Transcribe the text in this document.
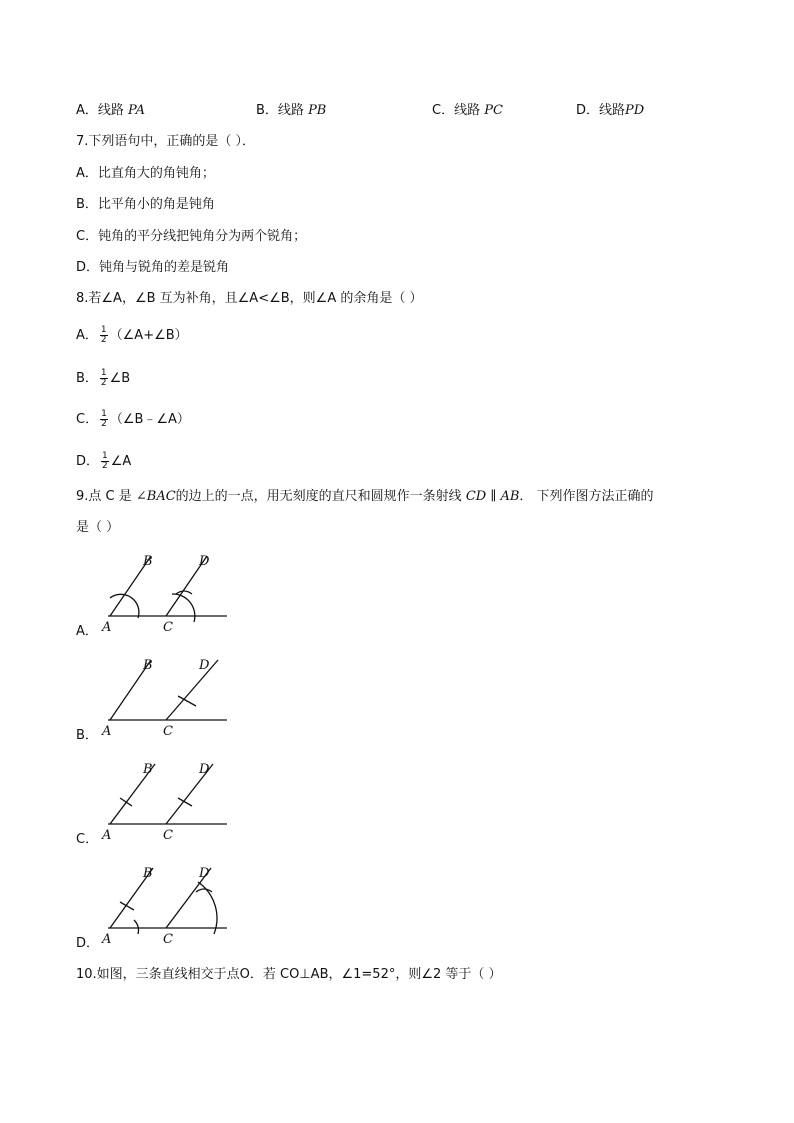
A．线路 PA	B．线路 PB	C．线路 PC	D．线路PD
7.下列语句中，正确的是（ ）．
A．比直角大的角钝角；
B．比平角小的角是钝角
C．钝角的平分线把钝角分为两个锐角；
D．钝角与锐角的差是锐角
8.若∠A，∠B 互为补角，且∠A<∠B，则∠A 的余角是（ ）
A． $\frac{1}{2}$ （∠A+∠B）
B． $\frac{1}{2}$ ∠B
C． $\frac{1}{2}$ （∠B﹣∠A）
D． $\frac{1}{2}$ ∠A
9.点 C 是 ∠BAC的边上的一点，用无刻度的直尺和圆规作一条射线 CD ∥ AB． 下列作图方法正确的
是（ ）
A．
B	D
A	C
B．
B	D
A	C
C．
B	D
A	C
D．
B	D
A	C
10.如图，三条直线相交于点O．若 CO⊥AB，∠1=52°，则∠2 等于（ ）
